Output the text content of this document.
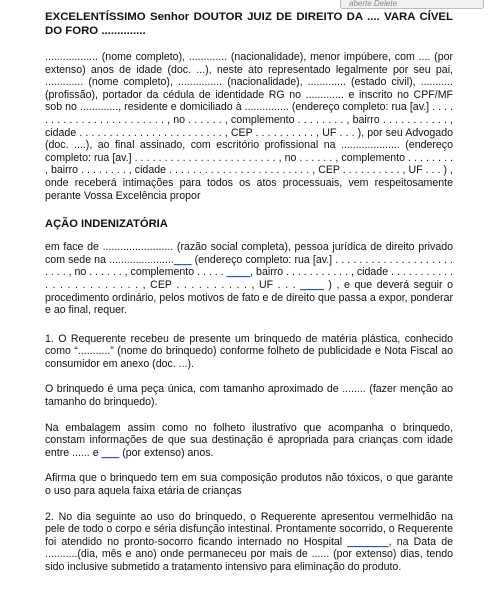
aberte Delete

EXCELENTÍSSIMO Senhor DOUTOR JUIZ DE DIREITO DA .... VARA CÍVEL DO FORO ..............

.................. (nome completo), ............. (nacionalidade), menor impúbere, com .... (por extenso) anos de idade (doc. ...), neste ato representado legalmente por seu pai, ............. (nome completo), ............... (nacionalidade), ............. (estado civil), ........... (profissão), portador da cédula de identidade RG no ............. e inscrito no CPF/MF sob no ............., residente e domiciliado à ............... (endereço completo: rua [av.] . . . . . . . . . . . . . . . . . . . . . . . . , no . . . . . . , complemento . . . . . . . . , bairro . . . . . . . . . . . , cidade . . . . . . . . . . . . . . . . . . . . . . . . , CEP . . . . . . . . . . , UF . . . ), por seu Advogado (doc. ....), ao final assinado, com escritório profissional na .................... (endereço completo: rua [av.] . . . . . . . . . . . . . . . . . . . . . . . . , no . . . . . . , complemento . . . . . . . . , bairro . . . . . . . . , cidade . . . . . . . . . . . . . . . . . . . . . . . . , CEP . . . . . . . . . . , UF . . . ) , onde receberá intimações para todos os atos processuais, vem respeitosamente perante Vossa Excelência propor

AÇÃO INDENIZATÓRIA

em face de ........................ (razão social completa), pessoa jurídica de direito privado com sede na ......................___ (endereço completo: rua [av.] . . . . . . . . . . . . . . . . . . . . . . . . , no . . . . . . , complemento . . . . . ____, bairro . . . . . . . . . . . , cidade . . . . . . . . . . . . . . . . . . . . . . . . , CEP . . . . . . . . . . , UF . . . ____ ) , e que deverá seguir o procedimento ordinário, pelos motivos de fato e de direito que passa a expor, ponderar e ao final, requer.

1. O Requerente recebeu de presente um brinquedo de matéria plástica, conhecido como “...........” (nome do brinquedo) conforme folheto de publicidade e Nota Fiscal ao consumidor em anexo (doc. ...).

O brinquedo é uma peça única, com tamanho aproximado de ........ (fazer menção ao tamanho do brinquedo).

Na embalagem assim como no folheto ilustrativo que acompanha o brinquedo, constam informações de que sua destinação é apropriada para crianças com idade entre ...... e ___ (por extenso) anos.

Afirma que o brinquedo tem em sua composição produtos não tóxicos, o que garante o uso para aquela faixa etária de crianças

2. No dia seguinte ao uso do brinquedo, o Requerente apresentou vermelhidão na pele de todo o corpo e séria disfunção intestinal. Prontamente socorrido, o Requerente foi atendido no pronto-socorro ficando internado no Hospital _______, na Data de ...........(dia, mês e ano) onde permaneceu por mais de ...... (por extenso) dias, tendo sido inclusive submetido a tratamento intensivo para eliminação do produto.
